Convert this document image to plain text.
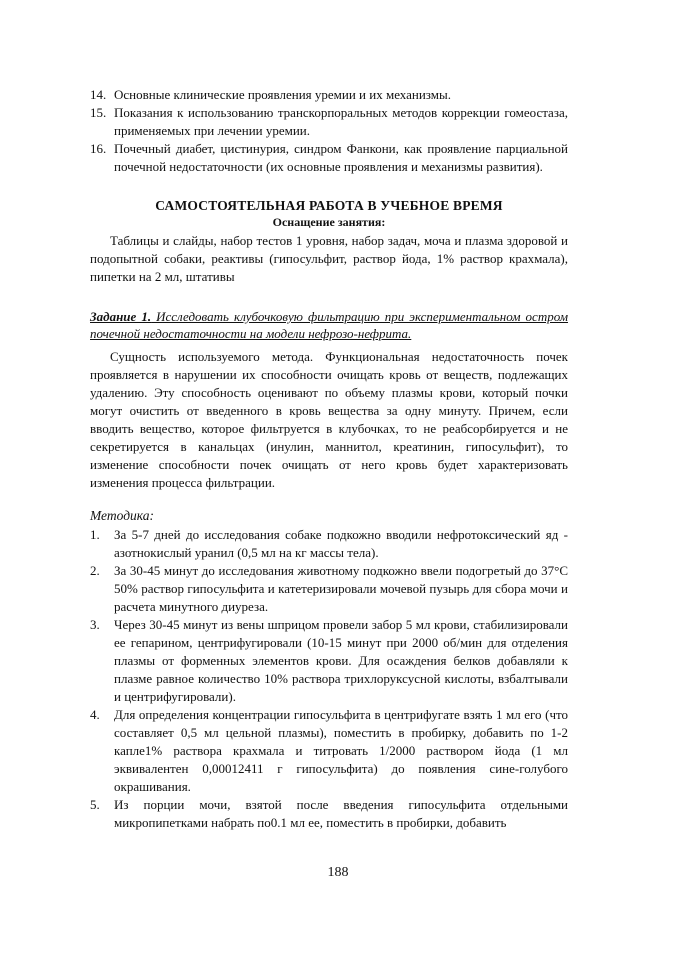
14. Основные клинические проявления уремии и их механизмы.
15. Показания к использованию транскорпоральных методов коррекции гомеостаза, применяемых при лечении уремии.
16. Почечный диабет, цистинурия, синдром Фанкони, как проявление парциальной почечной недостаточности (их основные проявления и механизмы развития).
САМОСТОЯТЕЛЬНАЯ РАБОТА В УЧЕБНОЕ ВРЕМЯ
Оснащение занятия:

Таблицы и слайды, набор тестов 1 уровня, набор задач, моча и плазма здоровой и подопытной собаки, реактивы (гипосульфит, раствор йода, 1% раствор крахмала), пипетки на 2 мл, штативы

Задание 1. Исследовать клубочковую фильтрацию при экспериментальном остром почечной недостаточности на модели нефрозо-нефрита.

Сущность используемого метода. Функциональная недостаточность почек проявляется в нарушении их способности очищать кровь от веществ, подлежащих удалению. Эту способность оценивают по объему плазмы крови, который почки могут очистить от введенного в кровь вещества за одну минуту. Причем, если вводить вещество, которое фильтруется в клубочках, то не реабсорбируется и не секретируется в канальцах (инулин, маннитол, креатинин, гипосульфит), то изменение способности почек очищать от него кровь будет характеризовать изменения процесса фильтрации.

Методика:
1.	За 5-7 дней до исследования собаке подкожно вводили нефротоксический яд - азотнокислый уранил (0,5 мл на кг массы тела).
2.	За 30-45 минут до исследования животному подкожно ввели подогретый до 37°С 50% раствор гипосульфита и катетеризировали мочевой пузырь для сбора мочи и расчета минутного диуреза.
3.	Через 30-45 минут из вены шприцом провели забор 5 мл крови, стабилизировали ее гепарином, центрифугировали (10-15 минут при 2000 об/мин для отделения плазмы от форменных элементов крови. Для осаждения белков добавляли к плазме равное количество 10% раствора трихлоруксусной кислоты, взбалтывали и центрифугировали).
4.	Для определения концентрации гипосульфита в центрифугате взять 1 мл его (что составляет 0,5 мл цельной плазмы), поместить в пробирку, добавить по 1-2 капле1% раствора крахмала и титровать 1/2000 раствором йода (1 мл эквивалентен 0,00012411 г гипосульфита) до появления сине-голубого окрашивания.
5.	Из порции мочи, взятой после введения гипосульфита отдельными микропипетками набрать по0.1 мл ее, поместить в пробирки, добавить
188
